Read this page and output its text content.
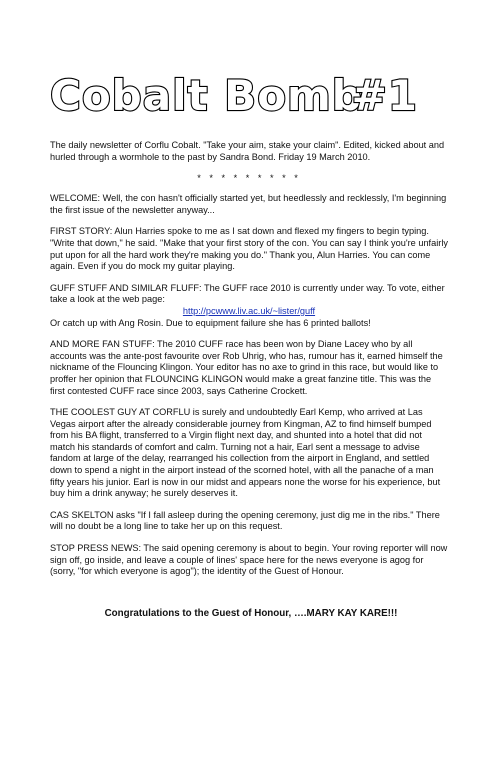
Cobalt Bomb
#1

The daily newsletter of Corflu Cobalt. "Take your aim, stake your claim". Edited, kicked about and hurled through a wormhole to the past by Sandra Bond. Friday 19 March 2010.

* * * * * * * * *

WELCOME: Well, the con hasn't officially started yet, but heedlessly and recklessly, I'm beginning the first issue of the newsletter anyway...

FIRST STORY: Alun Harries spoke to me as I sat down and flexed my fingers to begin typing. "Write that down," he said. "Make that your first story of the con. You can say I think you're unfairly put upon for all the hard work they're making you do." Thank you, Alun Harries. You can come again. Even if you do mock my guitar playing.

GUFF STUFF AND SIMILAR FLUFF: The GUFF race 2010 is currently under way. To vote, either take a look at the web page:

http://pcwww.liv.ac.uk/~lister/guff
Or catch up with Ang Rosin. Due to equipment failure she has 6 printed ballots!

AND MORE FAN STUFF: The 2010 CUFF race has been won by Diane Lacey who by all accounts was the ante-post favourite over Rob Uhrig, who has, rumour has it, earned himself the nickname of the Flouncing Klingon. Your editor has no axe to grind in this race, but would like to proffer her opinion that FLOUNCING KLINGON would make a great fanzine title. This was the first contested CUFF race since 2003, says Catherine Crockett.

THE COOLEST GUY AT CORFLU is surely and undoubtedly Earl Kemp, who arrived at Las Vegas airport after the already considerable journey from Kingman, AZ to find himself bumped from his BA flight, transferred to a Virgin flight next day, and shunted into a hotel that did not match his standards of comfort and calm. Turning not a hair, Earl sent a message to advise fandom at large of the delay, rearranged his collection from the airport in England, and settled down to spend a night in the airport instead of the scorned hotel, with all the panache of a man fifty years his junior. Earl is now in our midst and appears none the worse for his experience, but buy him a drink anyway; he surely deserves it.

CAS SKELTON asks "If I fall asleep during the opening ceremony, just dig me in the ribs." There will no doubt be a long line to take her up on this request.

STOP PRESS NEWS: The said opening ceremony is about to begin. Your roving reporter will now sign off, go inside, and leave a couple of lines' space here for the news everyone is agog for (sorry, "for which everyone is agog"); the identity of the Guest of Honour.

Congratulations to the Guest of Honour, ….MARY KAY KARE!!!
